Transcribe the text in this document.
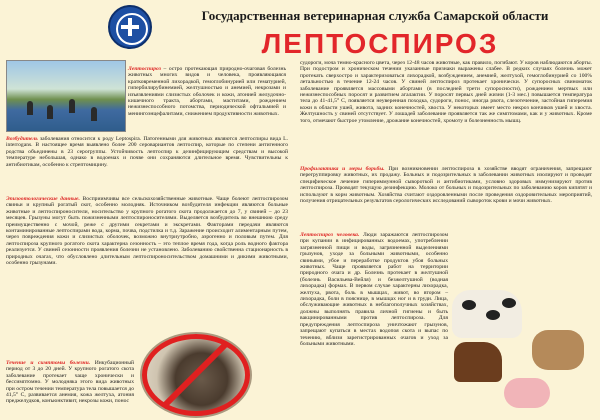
Государственная ветеринарная служба Самарской области
ЛЕПТОСПИРОЗ
Лептоспироз – остро протекающая природно-очаговая болезнь животных многих видов и человека, проявляющаяся кратковременной лихорадкой, гемоглобинурией или гематурией, гипербилирубинемией, желтушностью и анемией, некрозами и изъязвлениями слизистых оболочек и кожи, атонией желудочно-кишечного тракта, абортами, маститами, рождением нежизнеспособного потомства, периодической офтальмией и менингоэнцефалитами, снижением продуктивности животных.
Возбудитель заболевания относится к роду Leptospira. Патогенными для животных являются лептоспиры вида L. interrogans. В настоящее время выявлено более 200 серовариантов лептоспир, которые по степени антигенного родства объединены в 23 серогруппы. Устойчивость лептоспир к дезинфицирующим средствам и высокой температуре небольшая, однако в водоемах и почве они сохраняются длительное время. Чувствительны к антибиотикам, особенно к стрептомицину.
Эпизоотологические данные. Восприимчивы все сельскохозяйственные животные. Чаще болеют лептоспирозом свиньи и крупный рогатый скот, особенно молодняк. Источником возбудителя инфекции являются больные животные и лептоспироносители, носительство у крупного рогатого скота продолжается до 7, у свиней – до 23 месяцев. Грызуны могут быть пожизненными лептоспироносителями. Выделяется возбудитель во внешнюю среду преимущественно с мочой, реже с другими секретами и экскретами. Факторами передачи являются контаминированные лептоспирами вода, корма, почва, подстилка и т.д. Заражение происходит алиментарным путем, через повреждения кожи и слизистых оболочек, возможно внутриутробно, аэрогенно и половым путем. Для лептоспироза крупного рогатого скота характерна сезонность – это теплое время года, когда роль водного фактора реализуется. У свиней сезонности проявления болезни не установлено. Заболеванию свойственна стационарность в природных очагах, что обусловлено длительным лептоспироносительством домашними и дикими животными, особенно грызунами.
Течение и симптомы болезни. Инкубационный период от 3 до 20 дней. У крупного рогатого скота заболевание протекает чаще хронически и бессимптомно. У молодняка этого вида животных при остром течении температура тела повышается до 41,5° С, развивается анемия, кожа желтуха, атония преджелудков, конъюнктивит, некрозы кожи, понос
судороги, моча темно-красного цвета, через 12-48 часов животные, как правило, погибают. У коров наблюдаются аборты. При подостром и хроническом течении указанные признаки выражены слабее. В редких случаях болезнь может протекать сверхостро и характеризоваться лихорадкой, возбуждением, анемией, желтухой, гемоглобинурией со 100% летальностью в течение 12-24 часов. У свиней лептоспироз протекает хронически. У супоросных свиноматок заболевание проявляется массовыми абортами (в последней трети супоросности), рождением мертвых или нежизнеспособных поросят и развитием агалактии. У поросят первых дней жизни (1-3 мес.) повышается температура тела до 41-41,5° С, появляется неуверенная походка, судороги, понос, иногда рвота, слезотечение, застойная гиперемия кожи в области ушей, живота, задних конечностей, хвоста. У некоторых имеет место некроз кончиков ушей и хвоста. Желтушность у свиней отсутствует. У лошадей заболевание проявляется так же симптомами, как и у животных. Кроме того, отмечают быстрое утомление, дрожание конечностей, хромоту и болезненность мышц.
Профилактика и меры борьбы. При возникновении лептоспироза в хозяйстве вводят ограничения, запрещают перегруппировку животных, их продажу. Больных и подозрительных в заболевании животных изолируют и проводят специфическое лечение гипериммунной сывороткой и антибиотиками, условно здоровых иммунизируют против лептоспироза. Проводят текущую дезинфекцию. Молоко от больных и подозрительных по заболеванию коров кипятят и используют в корм животным. Хозяйства считают оздоровленными после проведения оздоровительных мероприятий, получения отрицательных результатов серологических исследований сывороток крови и мочи животных.
Лептоспироз человека. Люди заражаются лептоспирозом при купании в инфицированных водоемах, употреблении загрязненной пищи и воды, загрязненной выделениями грызунов, уходе за больными животными, особенно свиньями, убое и переработке продуктов убоя больных животных. Чаще проявляется работ на территории природного очага и др. Болезнь протекает в желтушной (болезнь Васильева-Вейля) и безжелтушной (водная лихорадка) формах. В первом случае характерны лихорадка, желтуха, рвота, боль в мышцах, живот, во втором – лихорадка, боли в пояснице, в мышцах ног и в груди. Лица, обслуживающие животных в неблагополучных хозяйствах, должны выполнять правила личной гигиены и быть вакцинированными против лептоспироза. Для предупреждения лептоспироза уничтожают грызунов, запрещают купаться в местах водопоя скота и выпас по течению, вблизи зарегистрированных очагов и уход за больными животными.
